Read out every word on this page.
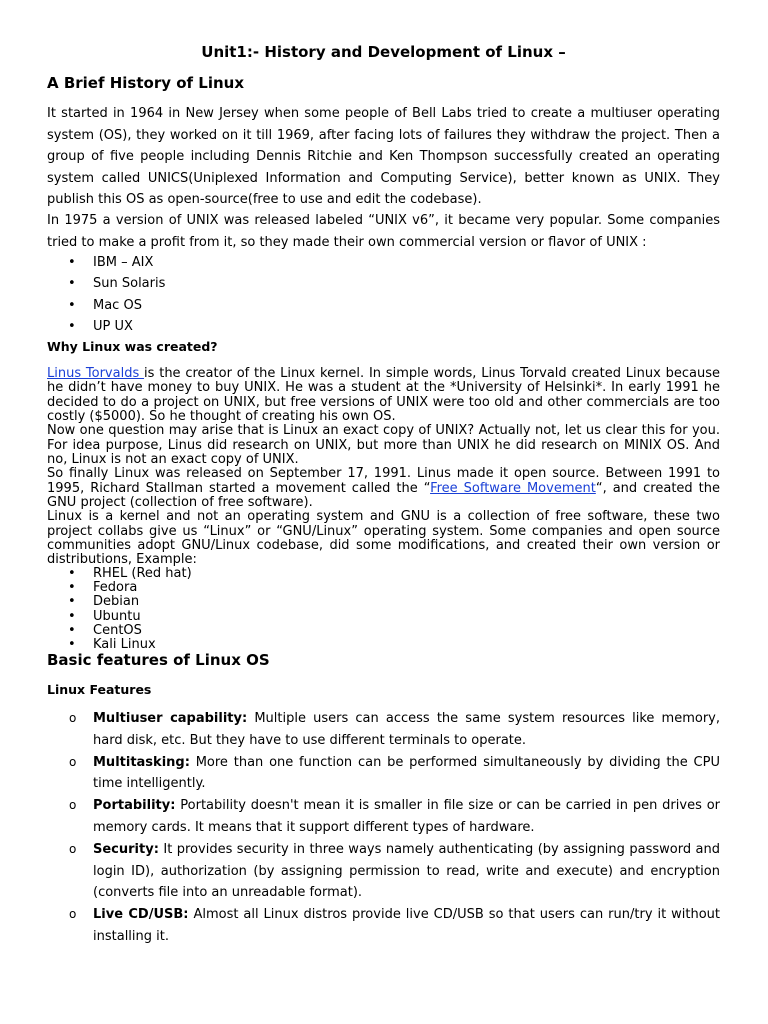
Unit1:- History and Development of Linux –
A Brief History of Linux
It started in 1964 in New Jersey when some people of Bell Labs tried to create a multiuser operating system (OS), they worked on it till 1969, after facing lots of failures they withdraw the project. Then a group of five people including Dennis Ritchie and Ken Thompson successfully created an operating system called UNICS(Uniplexed Information and Computing Service), better known as UNIX. They publish this OS as open-source(free to use and edit the codebase).
In 1975 a version of UNIX was released labeled “UNIX v6”, it became very popular. Some companies tried to make a profit from it, so they made their own commercial version or flavor of UNIX :
• IBM – AIX
• Sun Solaris
• Mac OS
• UP UX
Why Linux was created?
Linus Torvalds is the creator of the Linux kernel. In simple words, Linus Torvald created Linux because he didn’t have money to buy UNIX. He was a student at the *University of Helsinki*. In early 1991 he decided to do a project on UNIX, but free versions of UNIX were too old and other commercials are too costly ($5000). So he thought of creating his own OS.
Now one question may arise that is Linux an exact copy of UNIX? Actually not, let us clear this for you. For idea purpose, Linus did research on UNIX, but more than UNIX he did research on MINIX OS. And no, Linux is not an exact copy of UNIX.
So finally Linux was released on September 17, 1991. Linus made it open source. Between 1991 to 1995, Richard Stallman started a movement called the “Free Software Movement“, and created the GNU project (collection of free software).
Linux is a kernel and not an operating system and GNU is a collection of free software, these two project collabs give us “Linux” or “GNU/Linux” operating system. Some companies and open source communities adopt GNU/Linux codebase, did some modifications, and created their own version or distributions, Example:
• RHEL (Red hat)
• Fedora
• Debian
• Ubuntu
• CentOS
• Kali Linux
Basic features of Linux OS
Linux Features
o Multiuser capability: Multiple users can access the same system resources like memory, hard disk, etc. But they have to use different terminals to operate.
o Multitasking: More than one function can be performed simultaneously by dividing the CPU time intelligently.
o Portability: Portability doesn't mean it is smaller in file size or can be carried in pen drives or memory cards. It means that it support different types of hardware.
o Security: It provides security in three ways namely authenticating (by assigning password and login ID), authorization (by assigning permission to read, write and execute) and encryption (converts file into an unreadable format).
o Live CD/USB: Almost all Linux distros provide live CD/USB so that users can run/try it without installing it.
